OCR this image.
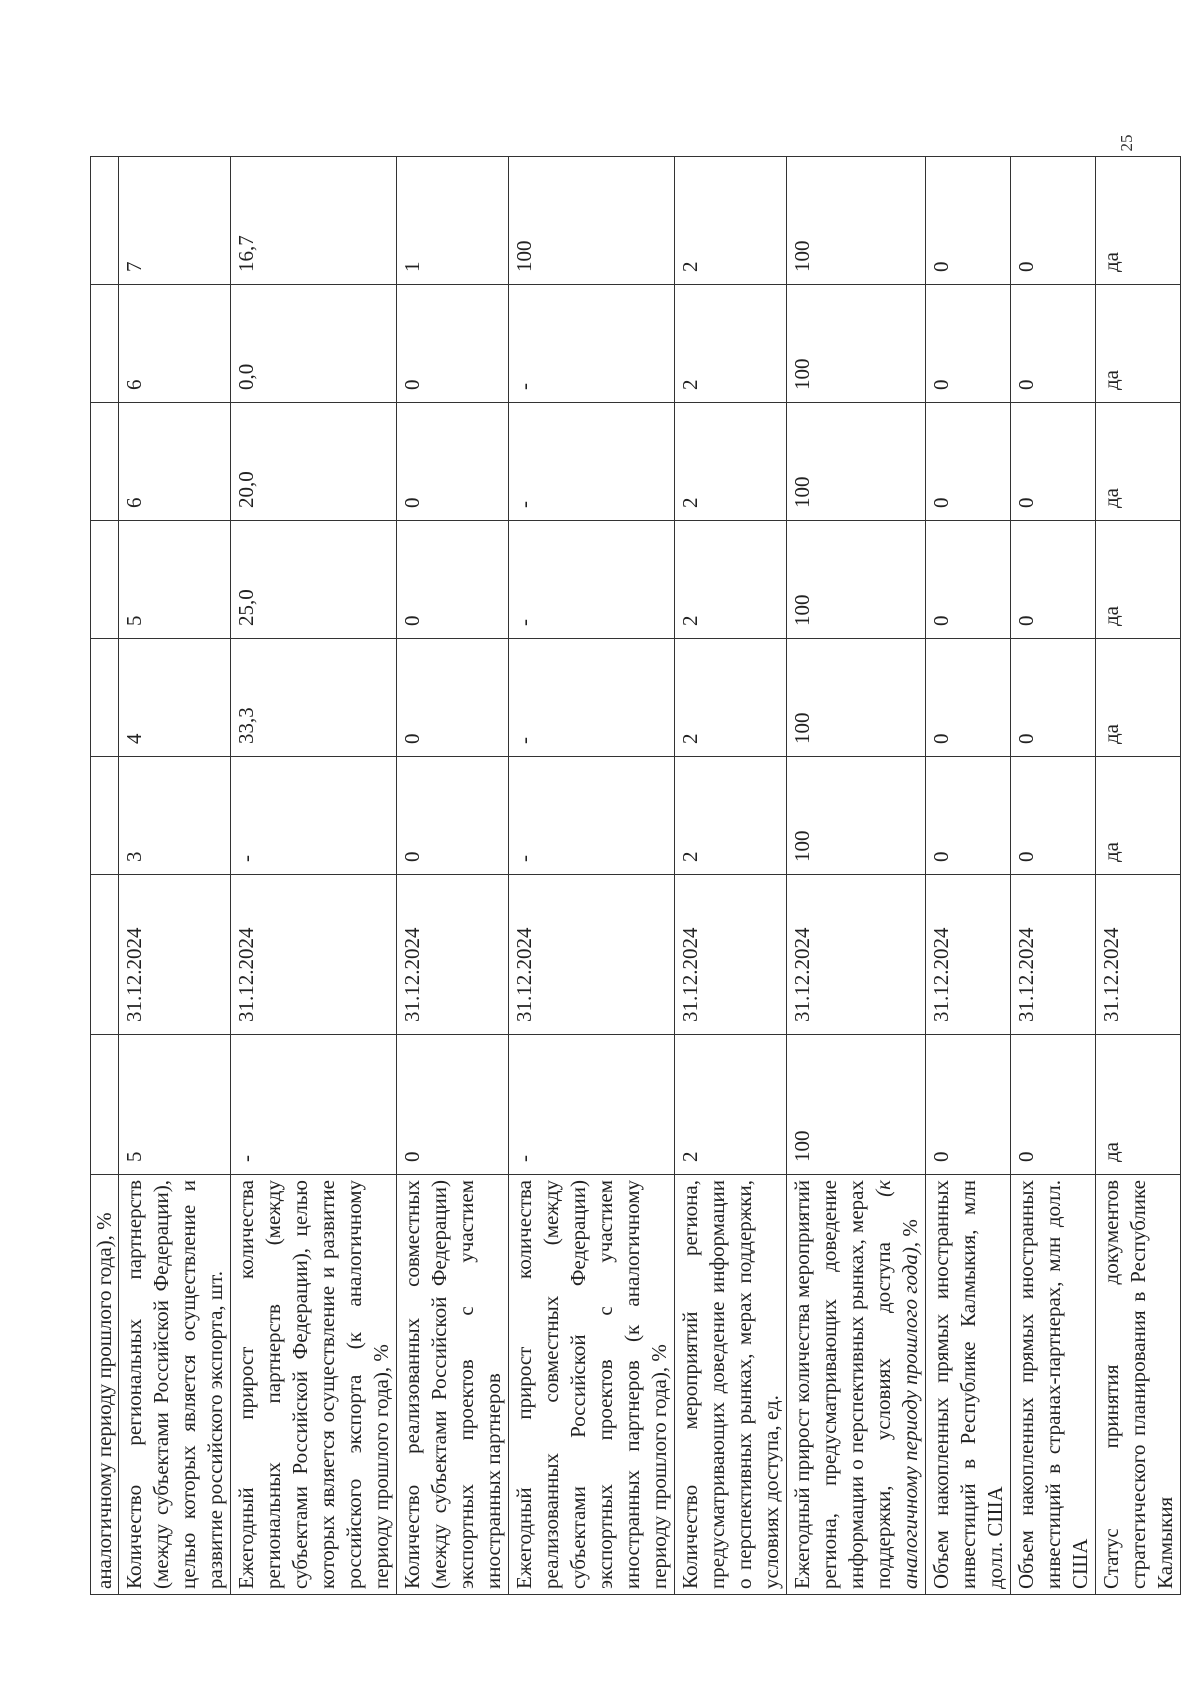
25
аналогичному периоду прошлого года), %								
Количество региональных партнерств (между субъектами Российской Федерации), целью которых является осуществление и развитие российского экспорта, шт.	5	31.12.2024	3	4	5	6	6	7
Ежегодный прирост количества региональных партнерств (между субъектами Российской Федерации), целью которых является осуществление и развитие российского экспорта (к аналогичному периоду прошлого года), %	-	31.12.2024	-	33,3	25,0	20,0	0,0	16,7
Количество реализованных совместных (между субъектами Российской Федерации) экспортных проектов с участием иностранных партнеров	0	31.12.2024	0	0	0	0	0	1
Ежегодный прирост количества реализованных совместных (между субъектами Российской Федерации) экспортных проектов с участием иностранных партнеров (к аналогичному периоду прошлого года), %	-	31.12.2024	-	-	-	-	-	100
Количество мероприятий региона, предусматривающих доведение информации о перспективных рынках, мерах поддержки, условиях доступа, ед.	2	31.12.2024	2	2	2	2	2	2
Ежегодный прирост количества мероприятий региона, предусматривающих доведение информации о перспективных рынках, мерах поддержки, условиях доступа (к аналогичному периоду прошлого года), %	100	31.12.2024	100	100	100	100	100	100
Объем накопленных прямых иностранных инвестиций в Республике Калмыкия, млн долл. США	0	31.12.2024	0	0	0	0	0	0
Объем накопленных прямых иностранных инвестиций в странах-партнерах, млн долл. США	0	31.12.2024	0	0	0	0	0	0
Статус принятия документов стратегического планирования в Республике Калмыкия	да	31.12.2024	да	да	да	да	да	да
